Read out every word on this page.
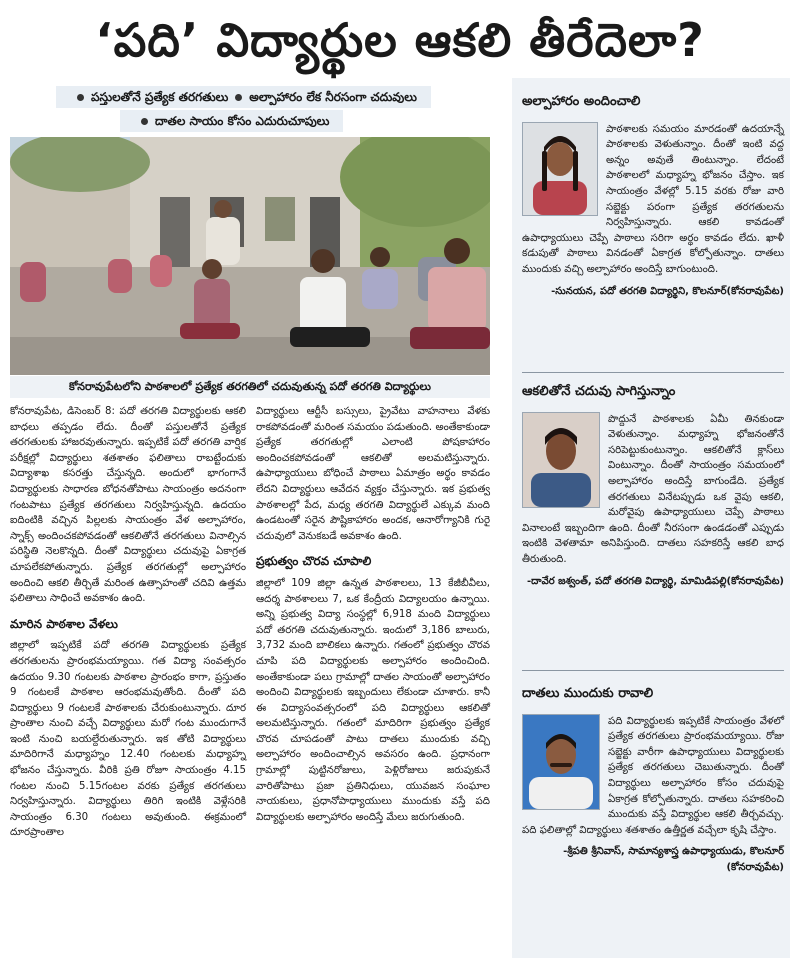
‘పది’ విద్యార్థుల ఆకలి తీరేదెలా?
పస్తులతోనే ప్రత్యేక తరగతులు అల్పాహారం లేక నీరసంగా చదువులు
దాతల సాయం కోసం ఎదురుచూపులు
కోనరావుపేటలోని పాఠశాలలో ప్రత్యేక తరగతిలో చదువుతున్న పదో తరగతి విద్యార్థులు

కోనరావుపేట, డిసెంబర్ 8: పదో తరగతి విద్యార్థులకు ఆకలి బాధలు తప్పడం లేదు. దీంతో పస్తులతోనే ప్రత్యేక తరగతులకు హాజరవుతున్నారు. ఇప్పటికే పదో తరగతి వార్షిక పరీక్షల్లో విద్యార్థులు శతశాతం ఫలితాలు రాబట్టేందుకు విద్యాశాఖ కసరత్తు చేస్తున్నది. అందులో భాగంగానే విద్యార్థులకు సాధారణ బోధనతోపాటు సాయంత్రం అదనంగా గంటపాటు ప్రత్యేక తరగతులు నిర్వహిస్తున్నది. ఉదయం ఐదింటికి వచ్చిన పిల్లలకు సాయంత్రం వేళ అల్పాహారం, స్నాక్స్ అందించకపోవడంతో ఆకలితోనే తరగతులు వినాల్సిన పరిస్థితి నెలకొన్నది. దీంతో విద్యార్థులు చదువుపై ఏకాగ్రత చూపలేకపోతున్నారు. ప్రత్యేక తరగతుల్లో అల్పాహారం అందించి ఆకలి తీర్చితే మరింత ఉత్సాహంతో చదివి ఉత్తమ ఫలితాలు సాధించే అవకాశం ఉంది.

మారిన పాఠశాల వేళలు

జిల్లాలో ఇప్పటికే పదో తరగతి విద్యార్థులకు ప్రత్యేక తరగతులను ప్రారంభమయ్యాయి. గత విద్యా సంవత్సరం ఉదయం 9.30 గంటలకు పాఠశాల ప్రారంభం కాగా, ప్రస్తుతం 9 గంటలకే పాఠశాల ఆరంభమవుతోంది. దీంతో పది విద్యార్థులు 9 గంటలకే పాఠశాలకు చేరుకుంటున్నారు. దూర ప్రాంతాల నుంచి వచ్చే విద్యార్థులు మరో గంట ముందుగానే ఇంటి నుంచి బయల్దేరుతున్నారు. ఇక తోటి విద్యార్థులు మాదిరిగానే మధ్యాహ్నం 12.40 గంటలకు మధ్యాహ్న భోజనం చేస్తున్నారు. వీరికి ప్రతి రోజూ సాయంత్రం 4.15 గంటల నుంచి 5.15గంటల వరకు ప్రత్యేక తరగతులు నిర్వహిస్తున్నారు. విద్యార్థులు తిరిగి ఇంటికి వెళ్లేసరికి సాయంత్రం 6.30 గంటలు అవుతుంది. ఈక్రమంలో దూరప్రాంతాల

విద్యార్థులు ఆర్టీసీ బస్సులు, ప్రైవేటు వాహనాలు వేళకు రాకపోవడంతో మరింత సమయం పడుతుంది. అంతేకాకుండా ప్రత్యేక తరగతుల్లో ఎలాంటి పోషకాహారం అందించకపోవడంతో ఆకలితో అలమటిస్తున్నారు. ఉపాధ్యాయులు బోధించే పాఠాలు ఏమాత్రం అర్థం కావడం లేదని విద్యార్థులు ఆవేదన వ్యక్తం చేస్తున్నారు. ఇక ప్రభుత్వ పాఠశాలల్లో పేద, మధ్య తరగతి విద్యార్థులే ఎక్కువ మంది ఉండటంతో సరైన పౌష్టికాహారం అందక, ఆనారోగ్యానికి గురై చదువులో వెనుకబడే అవకాశం ఉంది.

ప్రభుత్వం చొరవ చూపాలి

జిల్లాలో 109 జిల్లా ఉన్నత పాఠశాలలు, 13 కేజీబీవీలు, ఆదర్శ పాఠశాలలు 7, ఒక కేంద్రీయ విద్యాలయం ఉన్నాయి. అన్ని ప్రభుత్వ విద్యా సంస్థల్లో 6,918 మంది విద్యార్థులు పదో తరగతి చదువుతున్నారు. ఇందులో 3,186 బాలురు, 3,732 మంది బాలికలు ఉన్నారు. గతంలో ప్రభుత్వం చొరవ చూపి పది విద్యార్థులకు అల్పాహారం అందించింది. అంతేకాకుండా పలు గ్రామాల్లో దాతల సాయంతో అల్పాహారం అందించి విద్యార్థులకు ఇబ్బందులు లేకుండా చూశారు. కానీ ఈ విద్యాసంవత్సరంలో పది విద్యార్థులు ఆకలితో అలమటిస్తున్నారు. గతంలో మాదిరిగా ప్రభుత్వం ప్రత్యేక చొరవ చూపడంతో పాటు దాతలు ముందుకు వచ్చి అల్పాహారం అందించాల్సిన అవసరం ఉంది. ప్రధానంగా గ్రామాల్లో పుట్టినరోజులు, పెళ్లిరోజులు జరుపుకునే వారితోపాటు ప్రజా ప్రతినిధులు, యువజన సంఘాల నాయకులు, ప్రధానోపాధ్యాయులు ముందుకు వస్తే పది విద్యార్థులకు అల్పాహారం అందిస్తే మేలు జరుగుతుంది.

అల్పాహారం అందించాలి
పాఠశాలకు సమయం మారడంతో ఉదయాన్నే పాఠశాలకు వెళుతున్నాం. దీంతో ఇంటి వద్ద అన్నం అవుతే తింటున్నాం. లేదంటే పాఠశాలలో మధ్యాహ్న భోజనం చేస్తాం. ఇక సాయంత్రం వేళల్లో 5.15 వరకు రోజు వారి సబ్జెక్టు పరంగా ప్రత్యేక తరగతులను నిర్వహిస్తున్నారు. ఆకలి కావడంతో ఉపాధ్యాయులు చెప్పే పాఠాలు సరిగా అర్థం కావడం లేదు. ఖాళీ కడుపుతో పాఠాలు వినడంతో ఏకాగ్రత కోల్పోతున్నాం. దాతలు ముందుకు వచ్చి అల్పాహారం అందిస్తే బాగుంటుంది.
-సునయన, పదో తరగతి విద్యార్థిని, కొలనూర్(కోనరావుపేట)
ఆకలితోనే చదువు సాగిస్తున్నాం
పొద్దునే పాఠశాలకు ఏమీ తినకుండా వెళుతున్నాం. మధ్యాహ్న భోజనంతోనే సరిపెట్టుకుంటున్నాం. ఆకలితోనే క్లాస్‌లు వింటున్నాం. దీంతో సాయంత్రం సమయంలో అల్పాహారం అందిస్తే బాగుండేది. ప్రత్యేక తరగతులు వినేటప్పుడు ఒక వైపు ఆకలి, మరోవైపు ఉపాధ్యాయులు చెప్పే పాఠాలు వినాలంటే ఇబ్బందిగా ఉంది. దీంతో నీరసంగా ఉండడంతో ఎప్పుడు ఇంటికి వెళతామా అనిపిస్తుంది. దాతలు సహకరిస్తే ఆకలి బాధ తీరుతుంది.
-దావేర జశ్వంత్, పదో తరగతి విద్యార్థి, మామిడిపల్లి(కోనరావుపేట)
దాతలు ముందుకు రావాలి
పది విద్యార్థులకు ఇప్పటికే సాయంత్రం వేళలో ప్రత్యేక తరగతులు ప్రారంభమయ్యాయి. రోజు సబ్జెక్టు వారీగా ఉపాధ్యాయులు విద్యార్థులకు ప్రత్యేక తరగతులు చెబుతున్నారు. దీంతో విద్యార్థులు అల్పాహారం కోసం చదువుపై ఏకాగ్రత కోల్పోతున్నారు. దాతలు సహకరించి ముందుకు వస్తే విద్యార్థుల ఆకలి తీర్చవచ్చు. పది ఫలితాల్లో విద్యార్థులు శతశాతం ఉత్తీర్ణత వచ్చేలా కృషి చేస్తాం.
-శ్రీపతి శ్రీనివాస్, సామాన్యశాస్త్ర ఉపాధ్యాయుడు, కొలనూర్ (కోనరావుపేట)
